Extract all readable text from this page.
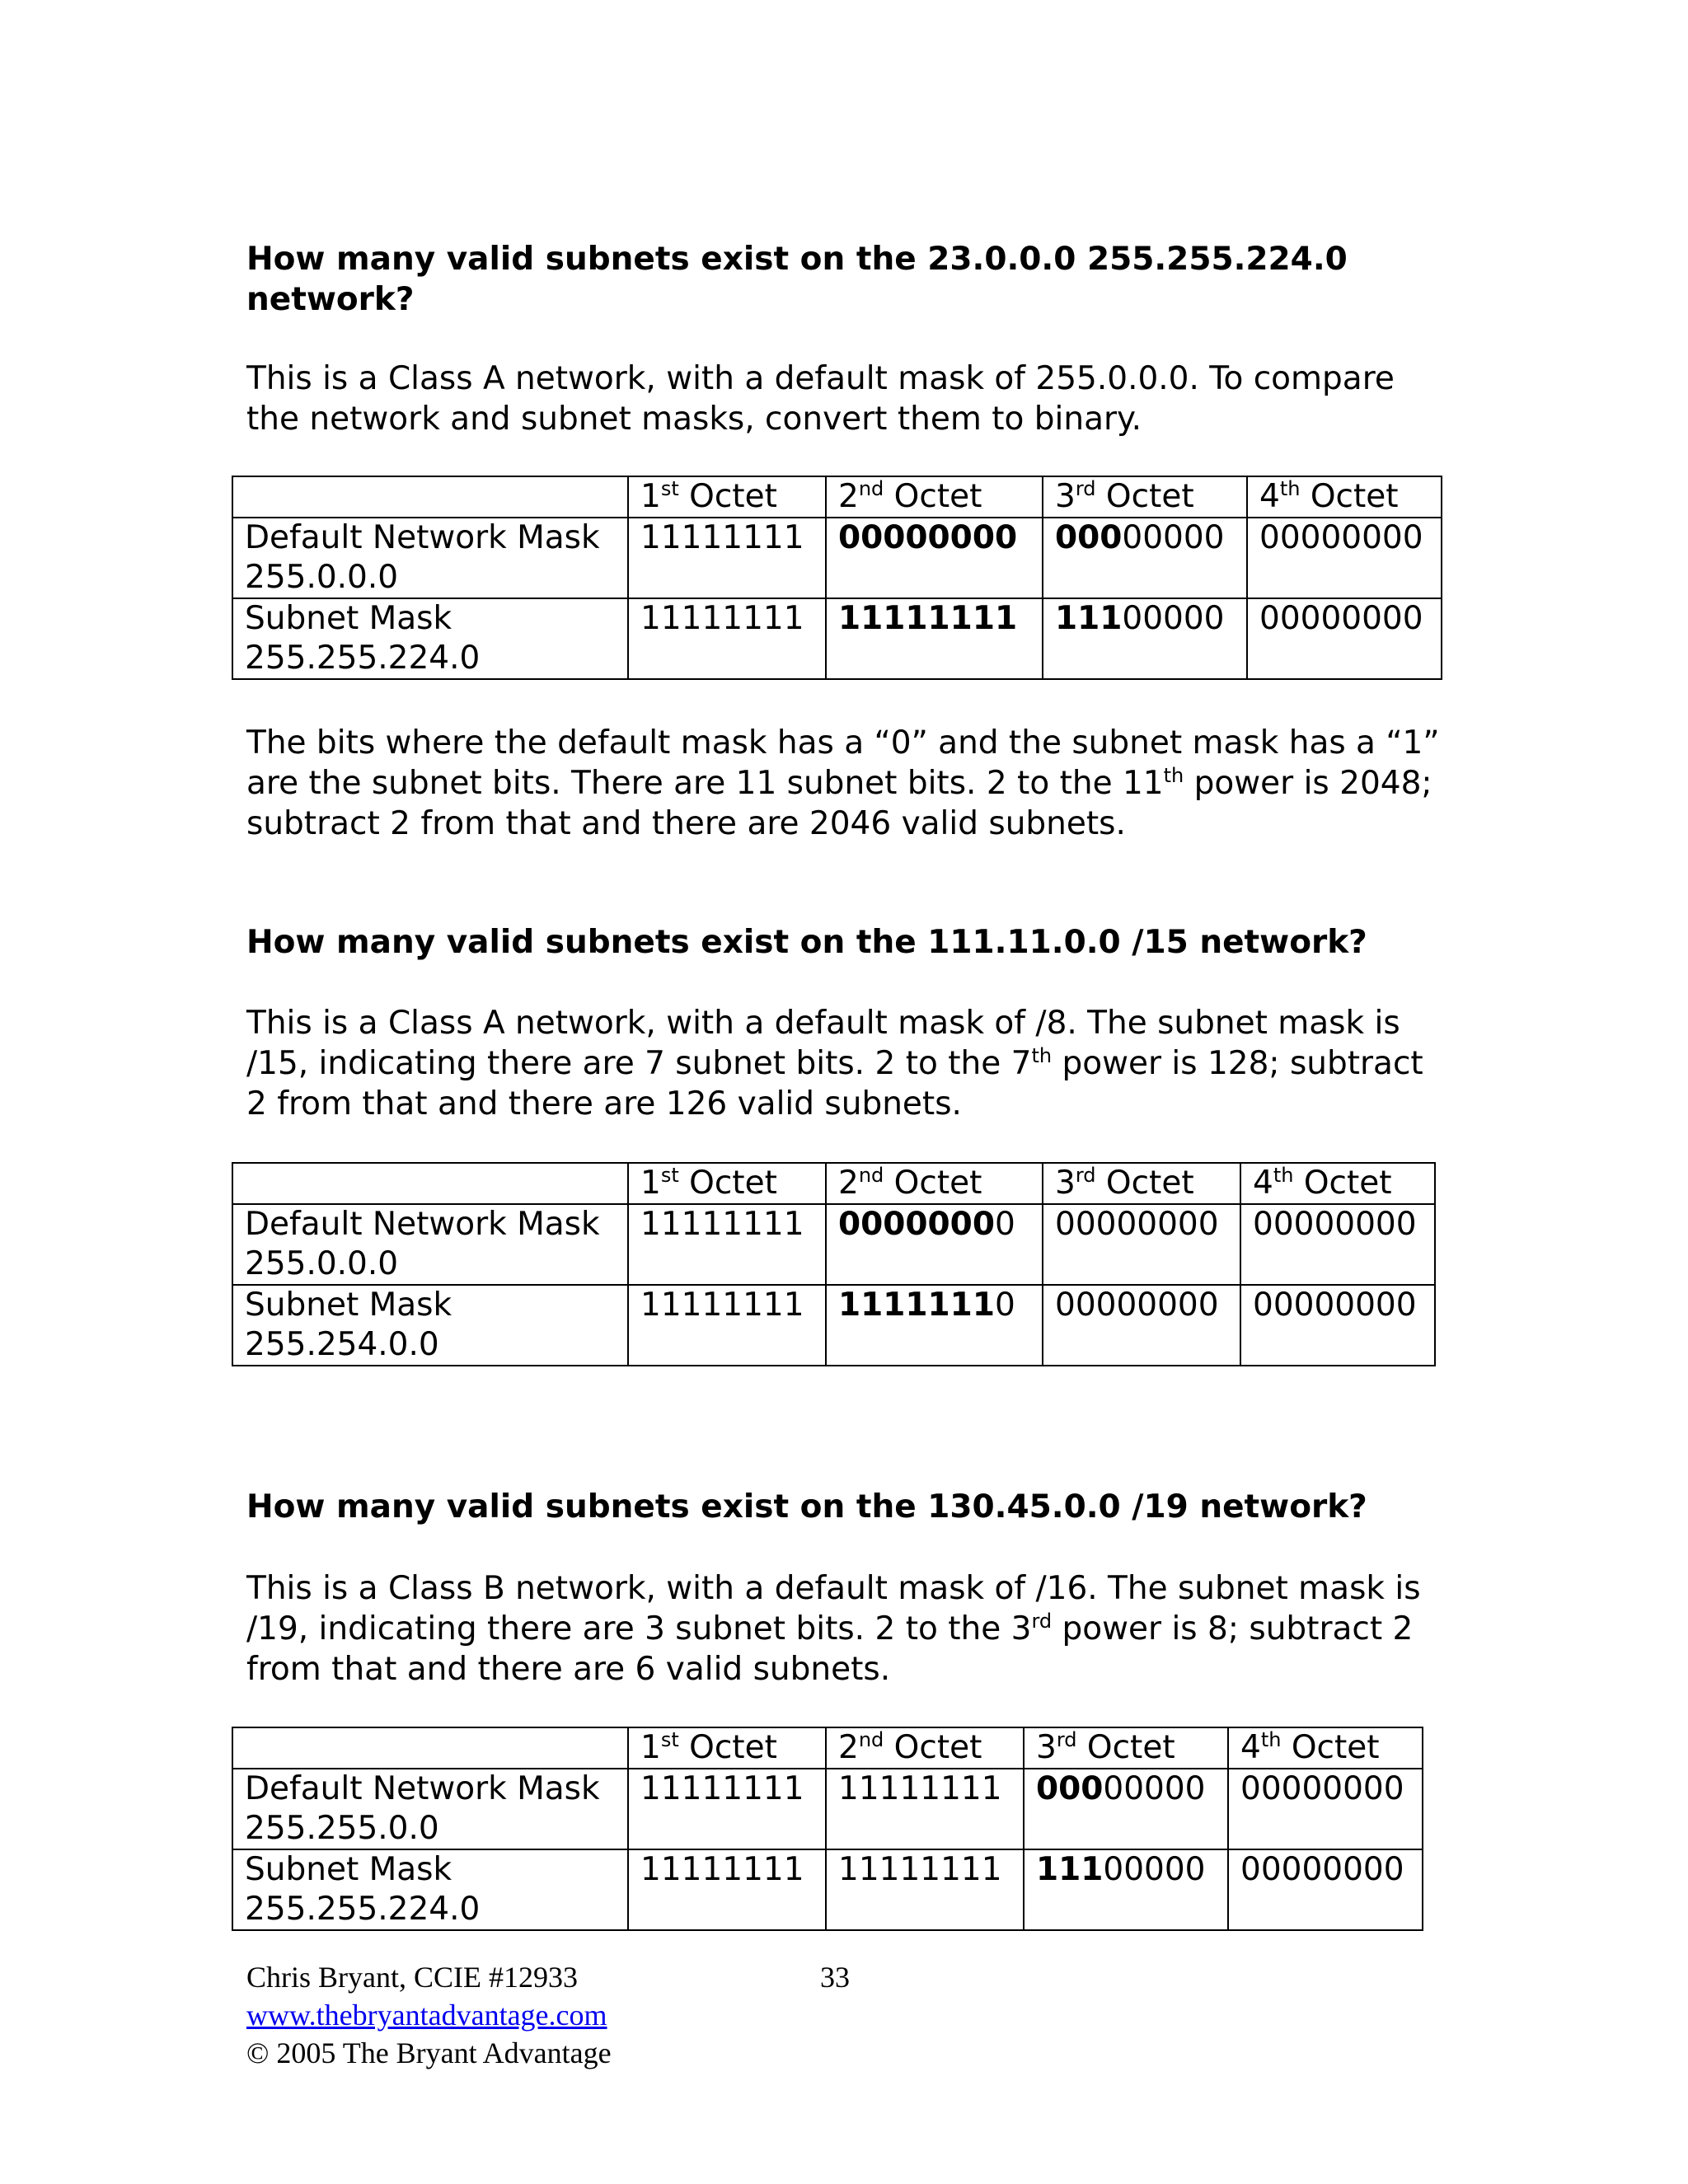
How many valid subnets exist on the 23.0.0.0 255.255.224.0 network?

This is a Class A network, with a default mask of 255.0.0.0. To compare the network and subnet masks, convert them to binary.

	1st Octet	2nd Octet	3rd Octet	4th Octet
Default Network Mask
255.0.0.0	11111111	00000000	00000000	00000000
Subnet Mask
255.255.224.0	11111111	11111111	11100000	00000000

The bits where the default mask has a “0” and the subnet mask has a “1” are the subnet bits. There are 11 subnet bits. 2 to the 11th power is 2048; subtract 2 from that and there are 2046 valid subnets.

How many valid subnets exist on the 111.11.0.0 /15 network?

This is a Class A network, with a default mask of /8. The subnet mask is /15, indicating there are 7 subnet bits. 2 to the 7th power is 128; subtract 2 from that and there are 126 valid subnets.

	1st Octet	2nd Octet	3rd Octet	4th Octet
Default Network Mask
255.0.0.0	11111111	00000000	00000000	00000000
Subnet Mask
255.254.0.0	11111111	11111110	00000000	00000000

How many valid subnets exist on the 130.45.0.0 /19 network?

This is a Class B network, with a default mask of /16. The subnet mask is /19, indicating there are 3 subnet bits. 2 to the 3rd power is 8; subtract 2 from that and there are 6 valid subnets.

	1st Octet	2nd Octet	3rd Octet	4th Octet
Default Network Mask
255.255.0.0	11111111	11111111	00000000	00000000
Subnet Mask
255.255.224.0	11111111	11111111	11100000	00000000
Chris Bryant, CCIE #12933
www.thebryantadvantage.com
© 2005 The Bryant Advantage
33
